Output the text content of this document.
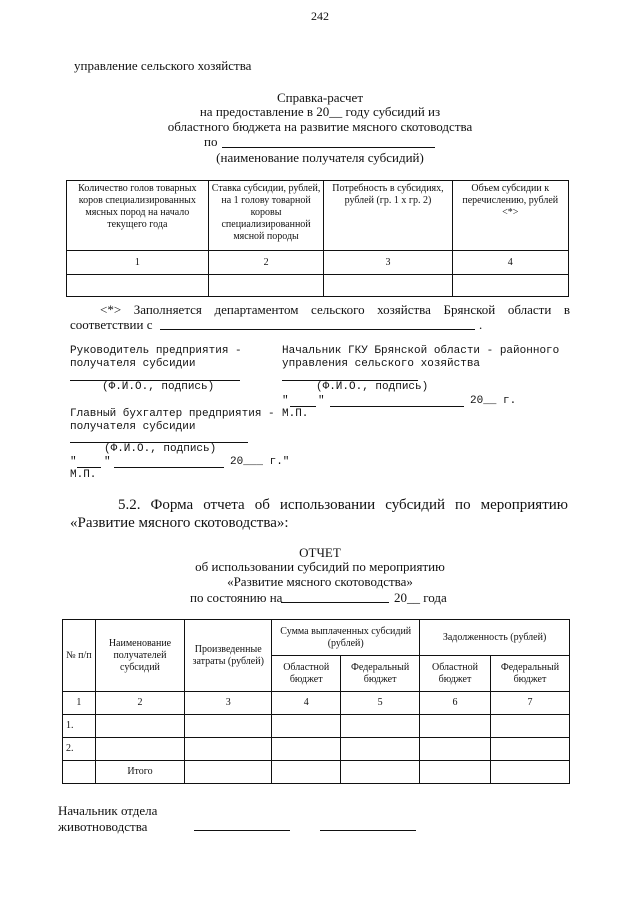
242
управление сельского хозяйства
Справка-расчет
на предоставление в 20__ году субсидий из
областного бюджета на развитие мясного скотоводства
по
(наименование получателя субсидий)
Количество голов товарных коров специализированных мясных пород на начало текущего года	Ставка субсидии, рублей, на 1 голову товарной коровы специализированной мясной породы	Потребность в субсидиях, рублей (гр. 1 x гр. 2)	Объем субсидии к перечислению, рублей <*>
1	2	3	4

<*> Заполняется департаментом сельского хозяйства Брянской области в
соответствии с	.
Руководитель предприятия -
получателя субсидии
(Ф.И.О., подпись)
Начальник ГКУ Брянской области - районного
управления сельского хозяйства
(Ф.И.О., подпись)
"	"	20__ г.
М.П.
Главный бухгалтер предприятия -
получателя субсидии
(Ф.И.О., подпись)
" "	20___ г."
М.П.
5.2. Форма отчета об использовании субсидий по мероприятию
«Развитие мясного скотоводства»:
ОТЧЕТ
об использовании субсидий по мероприятию
«Развитие мясного скотоводства»
по состоянию на	20__ года
№ п/п	Наименование получателей субсидий	Произведенные затраты (рублей)	Сумма выплаченных субсидий (рублей)		Задолженность (рублей)	
			Областной бюджет	Федеральный бюджет	Областной бюджет	Федеральный бюджет
1	2	3	4	5	6	7
1.						
2.						
	Итого					
Начальник отдела
животноводства
